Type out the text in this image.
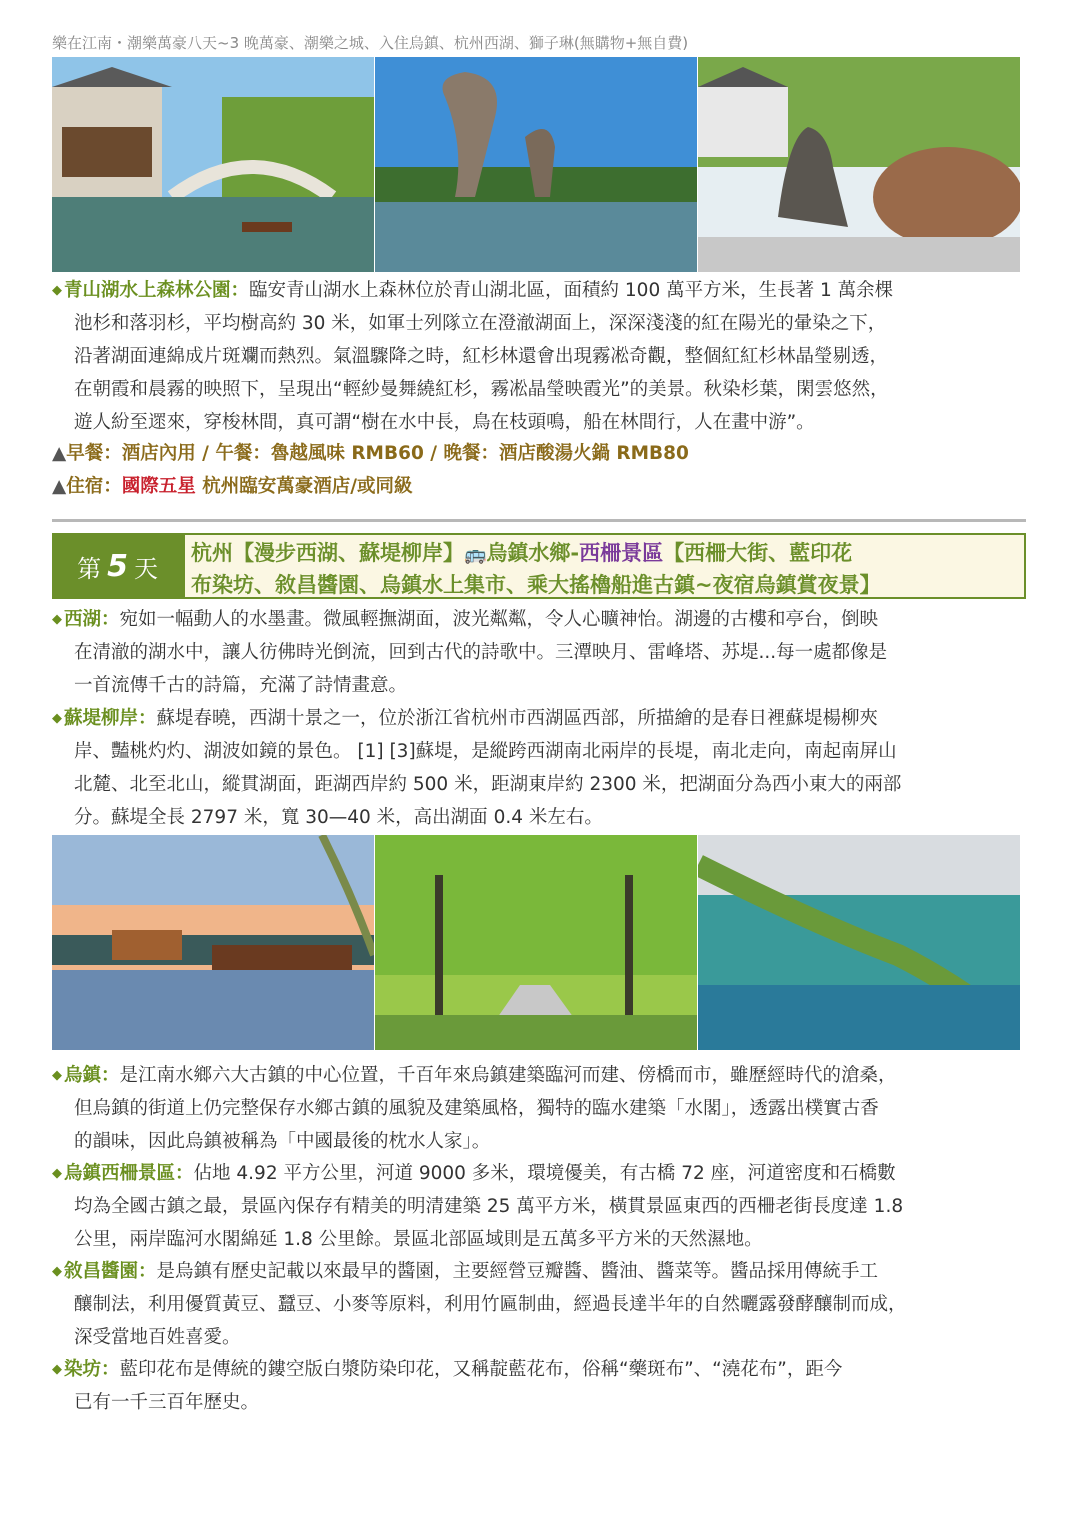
樂在江南・潮樂萬豪八天~3 晚萬豪、潮樂之城、入住烏鎮、杭州西湖、獅子琳(無購物+無自費)
◆ 青山湖水上森林公園：臨安青山湖水上森林位於青山湖北區，面積約 100 萬平方米，生長著 1 萬余棵
池杉和落羽杉，平均樹高約 30 米，如軍士列隊立在澄澈湖面上，深深淺淺的紅在陽光的暈染之下，
沿著湖面連綿成片斑斕而熱烈。氣溫驟降之時，紅杉林還會出現霧凇奇觀，整個紅紅杉林晶瑩剔透，
在朝霞和晨霧的映照下，呈現出“輕紗曼舞繞紅杉，霧凇晶瑩映霞光”的美景。秋染杉葉，閑雲悠然，
遊人紛至遝來，穿梭林間，真可謂“樹在水中長，鳥在枝頭鳴，船在林間行，人在畫中游”。
▲早餐：酒店內用 / 午餐：魯越風味 RMB60 / 晚餐：酒店酸湯火鍋 RMB80
▲住宿：國際五星 杭州臨安萬豪酒店/或同級
第 5 天
杭州【漫步西湖、蘇堤柳岸】🚌烏鎮水鄉-西柵景區【西柵大街、藍印花
布染坊、敘昌醬園、烏鎮水上集市、乘大搖櫓船進古鎮~夜宿烏鎮賞夜景】
◆ 西湖：宛如一幅動人的水墨畫。微風輕撫湖面，波光粼粼，令人心曠神怡。湖邊的古樓和亭台，倒映
在清澈的湖水中，讓人彷佛時光倒流，回到古代的詩歌中。三潭映月、雷峰塔、苏堤...每一處都像是
一首流傳千古的詩篇，充滿了詩情畫意。
◆ 蘇堤柳岸：蘇堤春曉，西湖十景之一，位於浙江省杭州市西湖區西部，所描繪的是春日裡蘇堤楊柳夾
岸、豔桃灼灼、湖波如鏡的景色。 [1] [3]蘇堤，是縱跨西湖南北兩岸的長堤，南北走向，南起南屏山
北麓、北至北山，縱貫湖面，距湖西岸約 500 米，距湖東岸約 2300 米，把湖面分為西小東大的兩部
分。蘇堤全長 2797 米，寬 30—40 米，高出湖面 0.4 米左右。
◆ 烏鎮：是江南水鄉六大古鎮的中心位置，千百年來烏鎮建築臨河而建、傍橋而市，雖歷經時代的滄桑，
但烏鎮的街道上仍完整保存水鄉古鎮的風貌及建築風格，獨特的臨水建築「水閣」，透露出樸實古香
的韻味，因此烏鎮被稱為「中國最後的枕水人家」。
◆ 烏鎮西柵景區：佔地 4.92 平方公里，河道 9000 多米，環境優美，有古橋 72 座，河道密度和石橋數
均為全國古鎮之最，景區內保存有精美的明清建築 25 萬平方米，橫貫景區東西的西柵老街長度達 1.8
公里，兩岸臨河水閣綿延 1.8 公里餘。景區北部區域則是五萬多平方米的天然濕地。
◆ 敘昌醬園：是烏鎮有歷史記載以來最早的醬園，主要經營豆瓣醬、醬油、醬菜等。醬品採用傳統手工
釀制法，利用優質黃豆、蠶豆、小麥等原料，利用竹匾制曲，經過長達半年的自然曬露發酵釀制而成，
深受當地百姓喜愛。
◆ 染坊：藍印花布是傳統的鏤空版白漿防染印花，又稱靛藍花布，俗稱“藥斑布”、“澆花布”，距今
已有一千三百年歷史。
